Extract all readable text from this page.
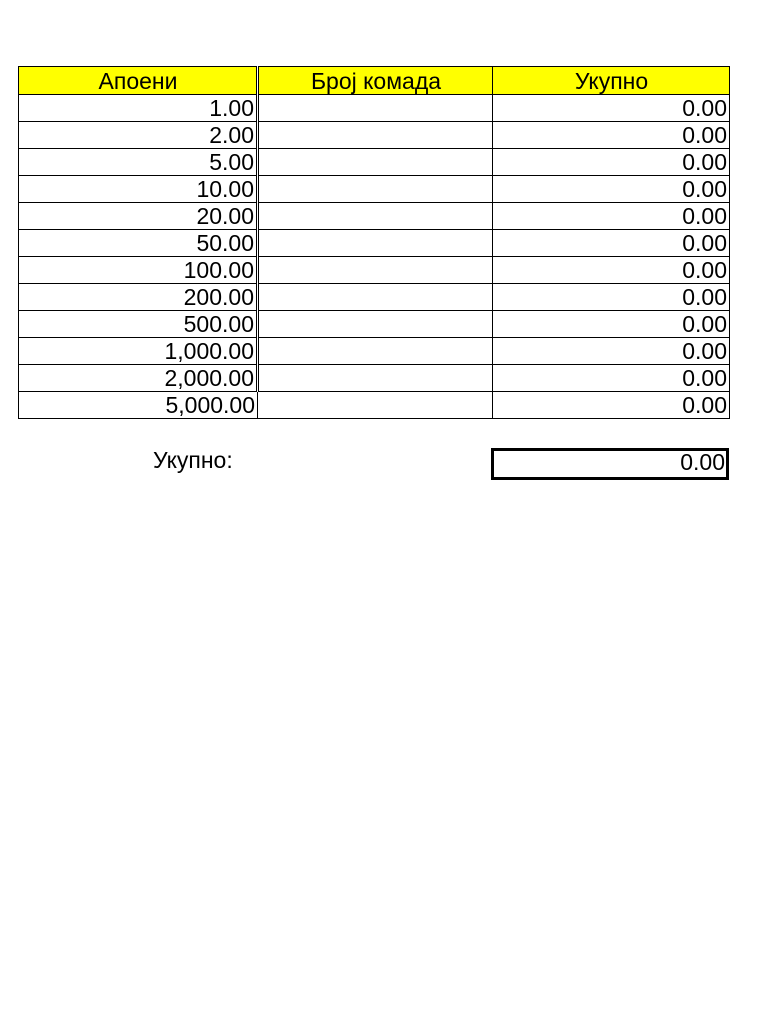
Апоени	Број комада	Укупно
1.00		0.00
2.00		0.00
5.00		0.00
10.00		0.00
20.00		0.00
50.00		0.00
100.00		0.00
200.00		0.00
500.00		0.00
1,000.00		0.00
2,000.00		0.00
5,000.00		0.00
Укупно:	0.00
